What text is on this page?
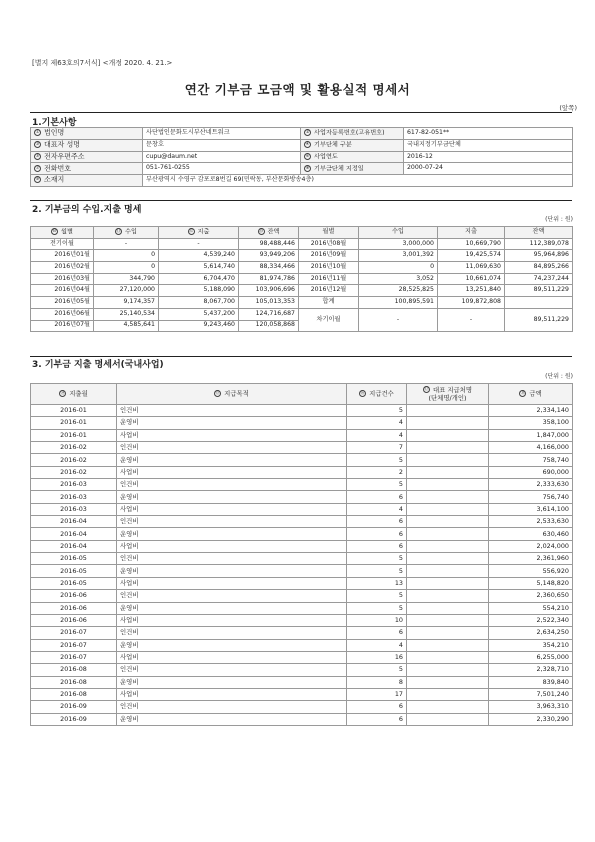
[별지 제63호의7서식] <개정 2020. 4. 21.>
연간 기부금 모금액 및 활용실적 명세서
(앞쪽)
1.기본사항
① 법인명	사단법인문화도시부산네트워크	② 사업자등록번호(고유번호)	617-82-051**
③ 대표자 성명	문창호	④ 기부단체 구분	국내지정기부금단체
⑤ 전자우편주소	cupu@daum.net	⑥ 사업연도	2016-12
⑦ 전화번호	051-761-0255	⑧ 기부금단체 지정일	2000-07-24
⑨ 소재지	부산광역시 수영구 감포로8번길 69(민락동, 부산문화방송4층)		
2. 기부금의 수입.지출 명세
(단위 : 원)
⑩ 월별	⑪ 수입	⑫ 지출	⑬ 잔액	월별	수입	지출	잔액
전기이월	-	-	98,488,446	2016년08월	3,000,000	10,669,790	112,389,078
2016년01월	0	4,539,240	93,949,206	2016년09월	3,001,392	19,425,574	95,964,896
2016년02월	0	5,614,740	88,334,466	2016년10월	0	11,069,630	84,895,266
2016년03월	344,790	6,704,470	81,974,786	2016년11월	3,052	10,661,074	74,237,244
2016년04월	27,120,000	5,188,090	103,906,696	2016년12월	28,525,825	13,251,840	89,511,229
2016년05월	9,174,357	8,067,700	105,013,353	합계	100,895,591	109,872,808	
2016년06월	25,140,534	5,437,200	124,716,687	차기이월	-	-	89,511,229
2016년07월	4,585,641	9,243,460	120,058,868				
3. 기부금 지출 명세서(국내사업)
(단위 : 원)
⑭ 지출월	⑮ 지급목적	⑯ 지급건수	⑰ 대표 지급처명
(단체명/개인)	⑱ 금액
2016-01	인건비	5		2,334,140
2016-01	운영비	4		358,100
2016-01	사업비	4		1,847,000
2016-02	인건비	7		4,166,000
2016-02	운영비	5		758,740
2016-02	사업비	2		690,000
2016-03	인건비	5		2,333,630
2016-03	운영비	6		756,740
2016-03	사업비	4		3,614,100
2016-04	인건비	6		2,533,630
2016-04	운영비	6		630,460
2016-04	사업비	6		2,024,000
2016-05	인건비	5		2,361,960
2016-05	운영비	5		556,920
2016-05	사업비	13		5,148,820
2016-06	인건비	5		2,360,650
2016-06	운영비	5		554,210
2016-06	사업비	10		2,522,340
2016-07	인건비	6		2,634,250
2016-07	운영비	4		354,210
2016-07	사업비	16		6,255,000
2016-08	인건비	5		2,328,710
2016-08	운영비	8		839,840
2016-08	사업비	17		7,501,240
2016-09	인건비	6		3,963,310
2016-09	운영비	6		2,330,290
